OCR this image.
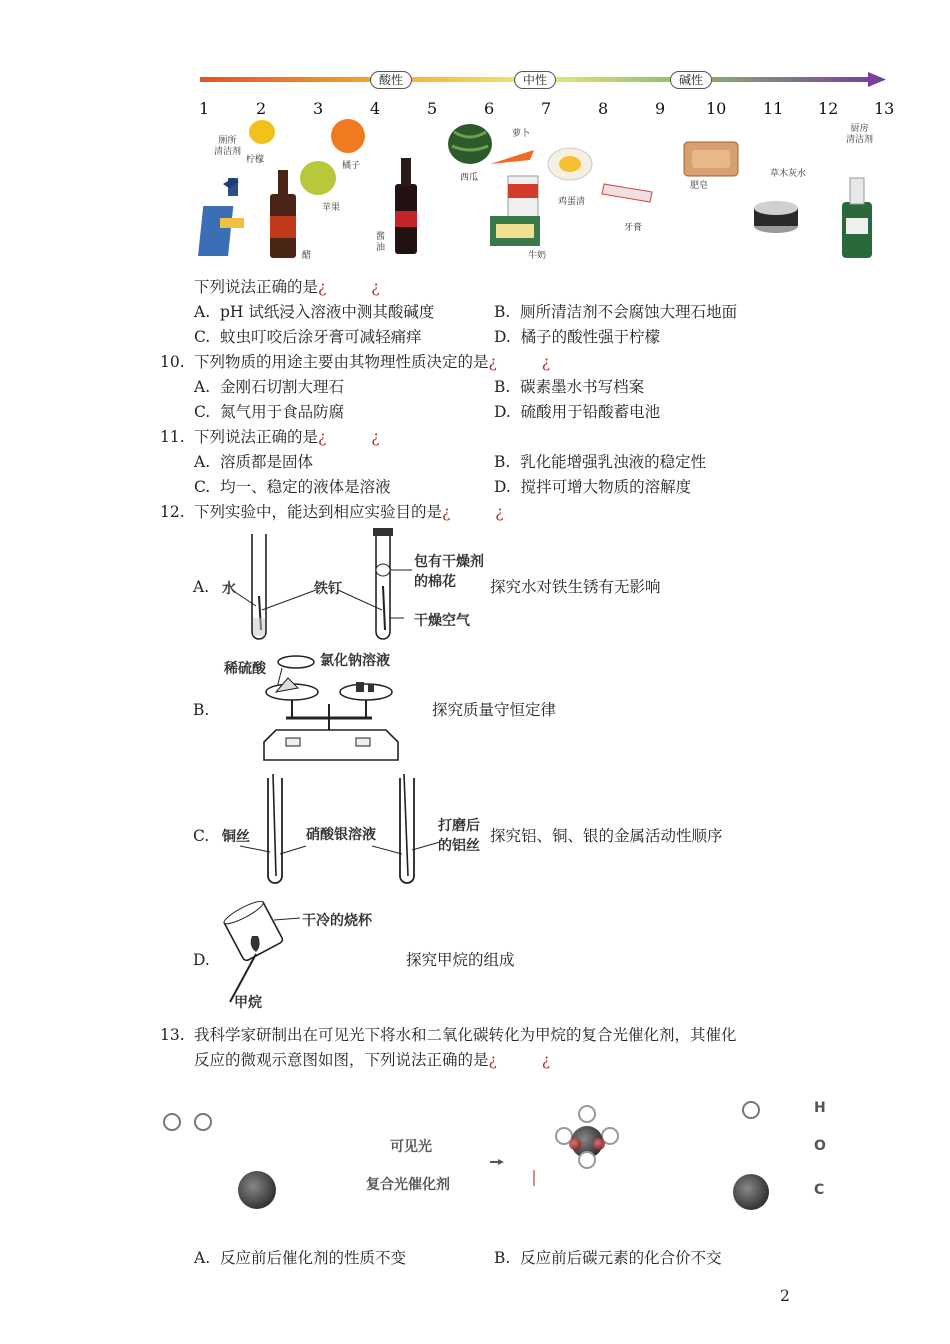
酸性	中性	碱性
1	2	3	4	5	6	7	8	9	10 11 12 13
厕所
清洁剂
柠檬
橘子
苹果
醋
酱
油
西瓜
萝卜
牛奶
鸡蛋清
牙膏
肥皂
草木灰水
厨房
清洁剂
下列说法正确的是¿ ¿
A.  pH 试纸浸入溶液中测其酸碱度	B.  厕所清洁剂不会腐蚀大理石地面
C.  蚊虫叮咬后涂牙膏可减轻痛痒	D.  橘子的酸性强于柠檬
10. 下列物质的用途主要由其物理性质决定的是¿ ¿
A.  金刚石切割大理石	B.  碳素墨水书写档案
C.  氮气用于食品防腐	D.  硫酸用于铅酸蓄电池
11. 下列说法正确的是¿ ¿
A.  溶质都是固体	B.  乳化能增强乳浊液的稳定性
C.  均一、稳定的液体是溶液	D.  搅拌可增大物质的溶解度
12. 下列实验中，能达到相应实验目的是¿ ¿
A. 水	铁钉
包有干燥剂
的棉花
干燥空气
探究水对铁生锈有无影响
B.
稀硫酸	氯化钠溶液
探究质量守恒定律
C. 铜丝	硝酸银溶液
打磨后
的铝丝
探究铝、铜、银的金属活动性顺序
D.
干冷的烧杯
甲烷
探究甲烷的组成
13. 我科学家研制出在可见光下将水和二氧化碳转化为甲烷的复合光催化剂，其催化
反应的微观示意图如图，下列说法正确的是¿ ¿
可见光
复合光催化剂
H
O
C
A.  反应前后催化剂的性质不变	B.  反应前后碳元素的化合价不交
2
